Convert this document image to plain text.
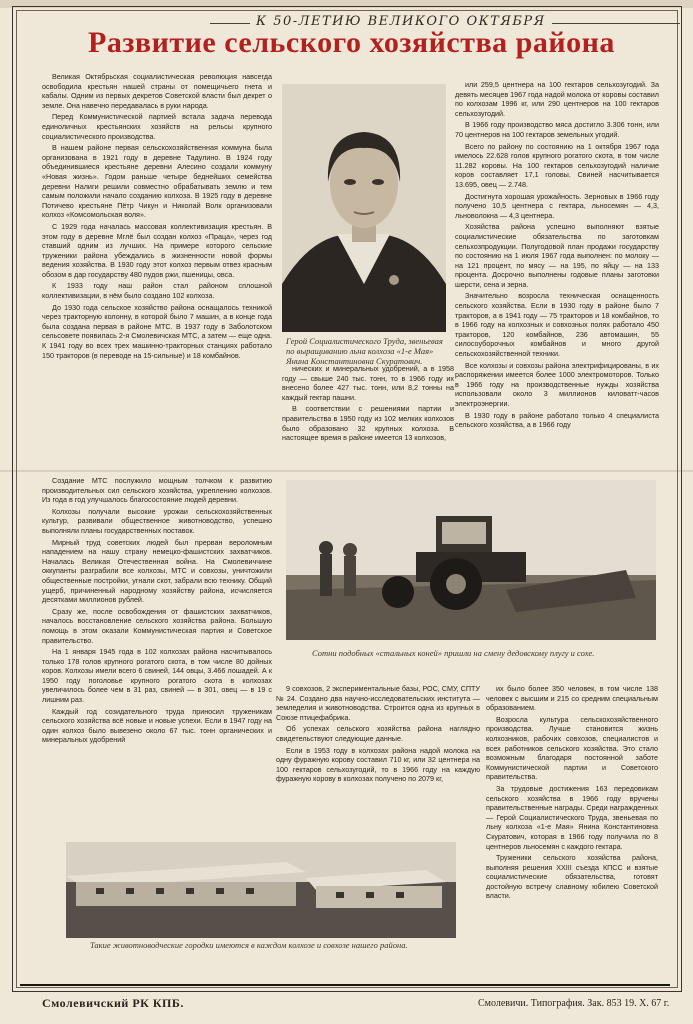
К 50-ЛЕТИЮ ВЕЛИКОГО ОКТЯБРЯ
Развитие сельского хозяйства района

Великая Октябрьская социалистическая революция навсегда освободила крестьян нашей страны от помещичьего гнета и кабалы. Одним из первых декретов Советской власти был декрет о земле. Она навечно передавалась в руки народа.

Перед Коммунистической партией встала задача перевода единоличных крестьянских хозяйств на рельсы крупного социалистического производства.

В нашем районе первая сельскохозяйственная коммуна была организована в 1921 году в деревне Тадулино. В 1924 году объединившиеся крестьяне деревни Алесино создали коммуну «Новая жизнь». Годом раньше четыре беднейших семейства деревни Налиги решили совместно обрабатывать землю и тем самым положили начало созданию колхоза. В 1925 году в деревне Потичево крестьяне Пётр Чикун и Николай Волк организовали колхоз «Комсомольская воля».

С 1929 года началась массовая коллективизация крестьян. В этом году в деревне Мглё был создан колхоз «Праца», через год ставший одним из лучших. На примере которого сельские труженики района убеждались в жизненности новой формы ведения хозяйства. В 1930 году этот колхоз первым отвез красным обозом в дар государству 480 пудов ржи, пшеницы, овса.

К 1933 году наш район стал районом сплошной коллективизации, в нём было создано 102 колхоза.

До 1930 года сельское хозяйство района оснащалось техникой через тракторную колонну, в которой было 7 машин, а в конце года была создана первая в районе МТС. В 1937 году в Заболотском сельсовете появилась 2-я Смолевичская МТС, а затем — еще одна. К 1941 году во всех трех машинно-тракторных станциях работало 150 тракторов (в переводе на 15-сильные) и 18 комбайнов.

Герой Социалистического Труда, звеньевая по выращиванию льна колхоза «1-е Мая» Янина Константиновна Скуратович.

или 259,5 центнера на 100 гектаров сельхозугодий. За девять месяцев 1967 года надой молока от коровы составил по колхозам 1996 кг, или 290 центнеров на 100 гектаров сельхозугодий.

В 1966 году производство мяса достигло 3.306 тонн, или 70 центнеров на 100 гектаров земельных угодий.

Всего по району по состоянию на 1 октября 1967 года имелось 22.628 голов крупного рогатого скота, в том числе 11.282 коровы. На 100 гектаров сельхозугодий наличие коров составляет 17,1 головы. Свиней насчитывается 13.695, овец — 2.748.

Достигнута хорошая урожайность. Зерновых в 1966 году получено 10,5 центнера с гектара, льносемян — 4,3, льноволокна — 4,3 центнера.

Хозяйства района успешно выполняют взятые социалистические обязательства по заготовкам сельхозпродукции. Полугодовой план продажи государству по состоянию на 1 июля 1967 года выполнен: по молоку — на 121 процент, по мясу — на 195, по яйцу — на 133 процента. Досрочно выполнены годовые планы заготовки шерсти, сена и зерна.

Значительно возросла техническая оснащенность сельского хозяйства. Если в 1930 году в районе было 7 тракторов, а в 1941 году — 75 тракторов и 18 комбайнов, то в 1966 году на колхозных и совхозных полях работало 450 тракторов, 120 комбайнов, 236 автомашин, 55 силосоуборочных комбайнов и много другой сельскохозяйственной техники.

Все колхозы и совхозы района электрифицированы, в их распоряжении имеется более 1000 электромоторов. Только в 1966 году на производственные нужды хозяйства использовали около 3 миллионов киловатт-часов электроэнергии.

В 1930 году в районе работало только 4 специалиста сельского хозяйства, а в 1966 году

нических и минеральных удобрений, а в 1958 году — свыше 240 тыс. тонн, то в 1966 году их внесено более 427 тыс. тонн, или 8,2 тонны на каждый гектар пашни.

В соответствии с решениями партии и правительства в 1950 году из 102 мелких колхозов было образовано 32 крупных колхоза. В настоящее время в районе имеется 13 колхозов,

Создание МТС послужило мощным толчком к развитию производительных сил сельского хозяйства, укреплению колхозов. Из года в год улучшалось благосостояние людей деревни.

Колхозы получали высокие урожаи сельскохозяйственных культур, развивали общественное животноводство, успешно выполняли планы государственных поставок.

Мирный труд советских людей был прерван вероломным нападением на нашу страну немецко-фашистских захватчиков. Началась Великая Отечественная война. На Смолевиччине оккупанты разграбили все колхозы, МТС и совхозы, уничтожили общественные постройки, угнали скот, забрали всю технику. Общий ущерб, причиненный народному хозяйству района, исчисляется десятками миллионов рублей.

Сразу же, после освобождения от фашистских захватчиков, началось восстановление сельского хозяйства района. Большую помощь в этом оказали Коммунистическая партия и Советское правительство.

На 1 января 1945 года в 102 колхозах района насчитывалось только 178 голов крупного рогатого скота, в том числе 80 дойных коров. Колхозы имели всего 6 свиней, 144 овцы, 3.466 лошадей. А к 1950 году поголовье крупного рогатого скота в колхозах увеличилось более чем в 31 раз, свиней — в 301, овец — в 19 с лишним раз.

Каждый год созидательного труда приносил труженикам сельского хозяйства всё новые и новые успехи. Если в 1947 году на один колхоз было вывезено около 67 тыс. тонн органических и минеральных удобрений

Сотни подобных «стальных коней» пришли на смену дедовскому плугу и сохе.

9 совхозов, 2 экспериментальные базы, РОС, СМУ, СПТУ № 24. Создано два научно-исследовательских института — земледелия и животноводства. Строится одна из крупных в Союзе птицефабрика.

Об успехах сельского хозяйства района наглядно свидетельствуют следующие данные.

Если в 1953 году в колхозах района надой молока на одну фуражную корову составил 710 кг, или 32 центнера на 100 гектаров сельхозугодий, то в 1966 году на каждую фуражную корову в колхозах получено по 2079 кг,

их было более 350 человек, в том числе 138 человек с высшим и 215 со средним специальным образованием.

Возросла культура сельскохозяйственного производства. Лучше становится жизнь колхозников, рабочих совхозов, специалистов и всех работников сельского хозяйства. Это стало возможным благодаря постоянной заботе Коммунистической партии и Советского правительства.

За трудовые достижения 163 передовикам сельского хозяйства в 1966 году вручены правительственные награды. Среди награжденных — Герой Социалистического Труда, звеньевая по льну колхоза «1-е Мая» Янина Константиновна Скуратович, которая в 1966 году получила по 8 центнеров льносемян с каждого гектара.

Труженики сельского хозяйства района, выполняя решения XXIII съезда КПСС и взятые социалистические обязательства, готовят достойную встречу славному юбилею Советской власти.

Такие животноводческие городки имеются в каждом колхозе и совхозе нашего района.
Смолевичский РК КПБ.	Смолевичи. Типография. Зак. 853 19. X. 67 г.
